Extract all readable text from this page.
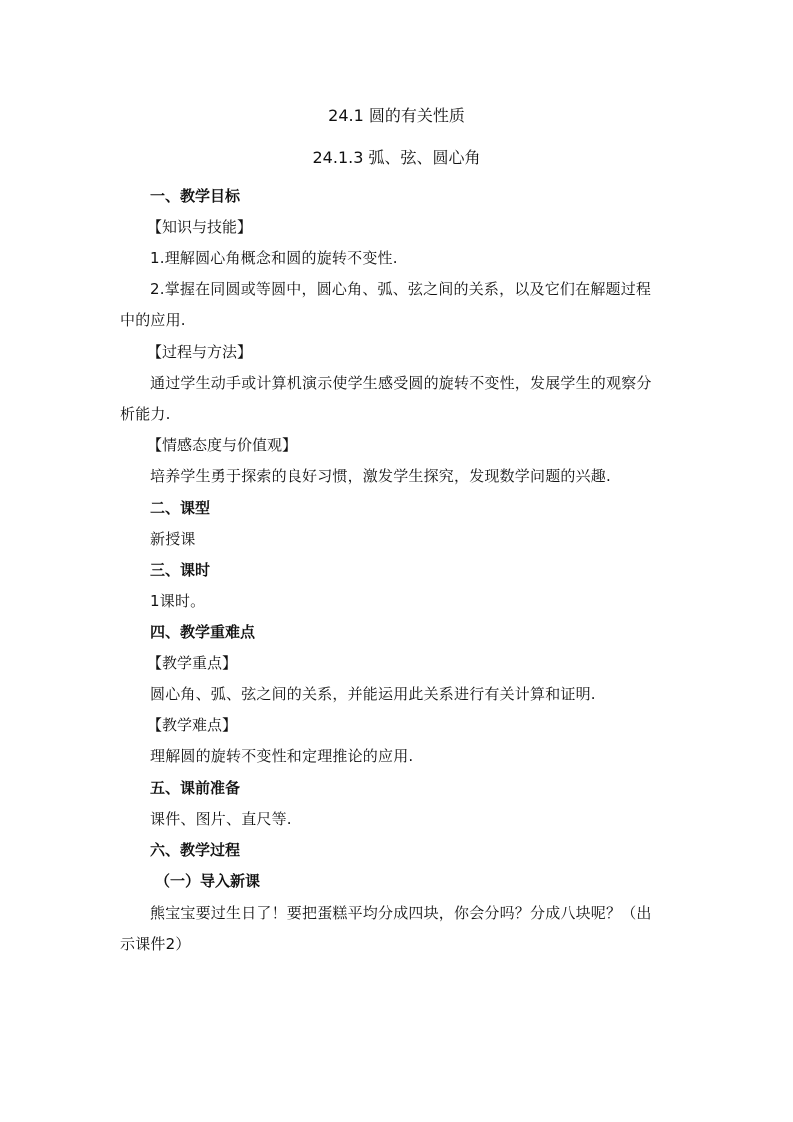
24.1 圆的有关性质
24.1.3 弧、弦、圆心角
一、教学目标
【知识与技能】
1.理解圆心角概念和圆的旋转不变性.
2.掌握在同圆或等圆中，圆心角、弧、弦之间的关系，以及它们在解题过程
中的应用.
【过程与方法】
通过学生动手或计算机演示使学生感受圆的旋转不变性，发展学生的观察分
析能力.
【情感态度与价值观】
培养学生勇于探索的良好习惯，激发学生探究，发现数学问题的兴趣.
二、课型
新授课
三、课时
1课时。
四、教学重难点
【教学重点】
圆心角、弧、弦之间的关系，并能运用此关系进行有关计算和证明.
【教学难点】
理解圆的旋转不变性和定理推论的应用.
五、课前准备
课件、图片、直尺等.
六、教学过程
（一）导入新课
熊宝宝要过生日了！要把蛋糕平均分成四块，你会分吗？分成八块呢？（出
示课件2）
